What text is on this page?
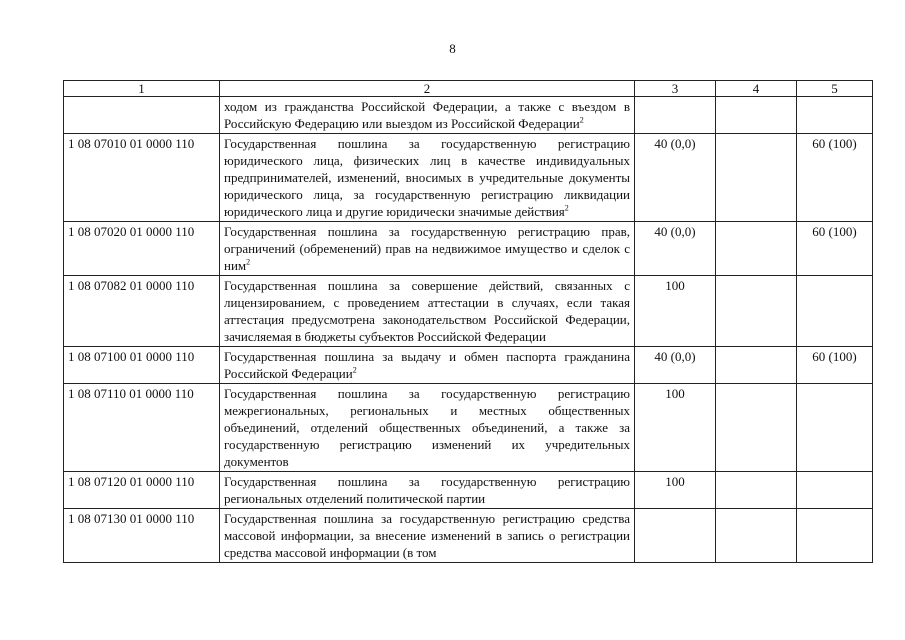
8
1	2	3	4	5
	ходом из гражданства Российской Федерации, а также с въездом в Российскую Федерацию или выездом из Российской Федерации$^2$			
1 08 07010 01 0000 110	Государственная пошлина за государственную регистрацию юридического лица, физических лиц в качестве индивидуальных предпринимателей, изменений, вносимых в учредительные документы юридического лица, за государственную регистрацию ликвидации юридического лица и другие юридически значимые действия$^2$	40 (0,0)		60 (100)
1 08 07020 01 0000 110	Государственная пошлина за государственную регистрацию прав, ограничений (обременений) прав на недвижимое имущество и сделок с ним$^2$	40 (0,0)		60 (100)
1 08 07082 01 0000 110	Государственная пошлина за совершение действий, связанных с лицензированием, с проведением аттестации в случаях, если такая аттестация предусмотрена законодательством Российской Федерации, зачисляемая в бюджеты субъектов Российской Федерации	100		
1 08 07100 01 0000 110	Государственная пошлина за выдачу и обмен паспорта гражданина Российской Федерации$^2$	40 (0,0)		60 (100)
1 08 07110 01 0000 110	Государственная пошлина за государственную регистрацию межрегиональных, региональных и местных общественных объединений, отделений общественных объединений, а также за государственную регистрацию изменений их учредительных документов	100		
1 08 07120 01 0000 110	Государственная пошлина за государственную регистрацию региональных отделений политической партии	100		
1 08 07130 01 0000 110	Государственная пошлина за государственную регистрацию средства массовой информации, за внесение изменений в запись о регистрации средства массовой информации (в том			
